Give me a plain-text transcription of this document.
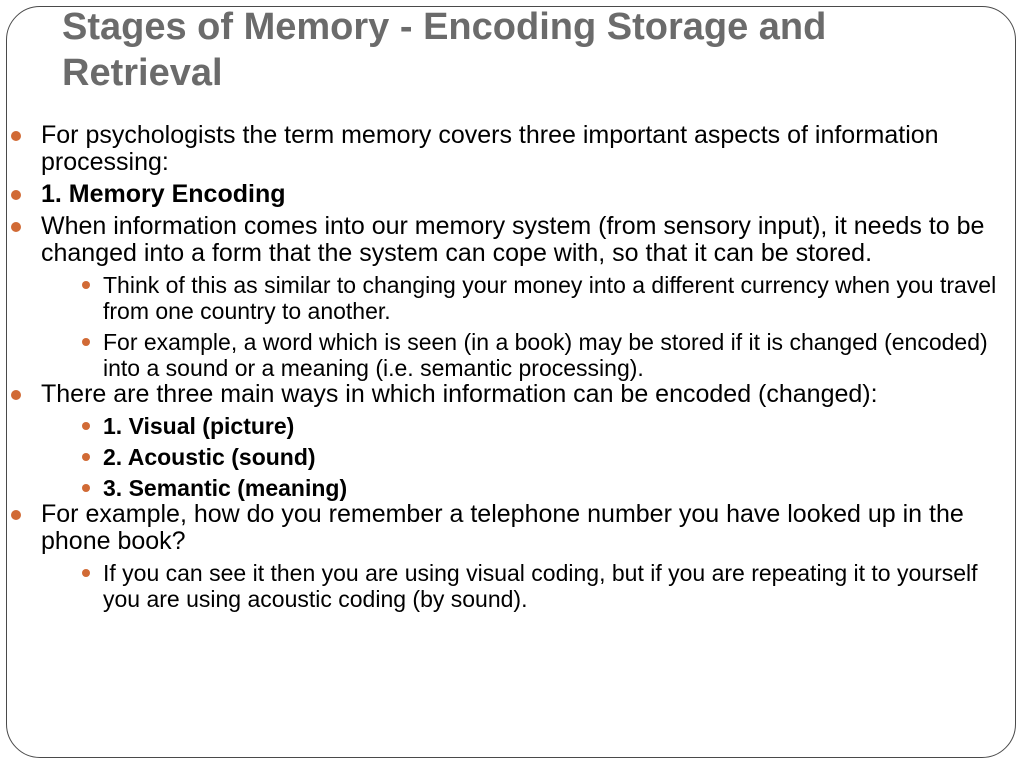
Stages of Memory - Encoding Storage and Retrieval
For psychologists the term memory covers three important aspects of information processing:
1. Memory Encoding
When information comes into our memory system (from sensory input), it needs to be changed into a form that the system can cope with, so that it can be stored.
Think of this as similar to changing your money into a different currency when you travel from one country to another.
For example, a word which is seen (in a book) may be stored if it is changed (encoded) into a sound or a meaning (i.e. semantic processing).
There are three main ways in which information can be encoded (changed):
1. Visual (picture)
2. Acoustic (sound)
3. Semantic (meaning)
For example, how do you remember a telephone number you have looked up in the phone book?
If you can see it then you are using visual coding, but if you are repeating it to yourself you are using acoustic coding (by sound).
